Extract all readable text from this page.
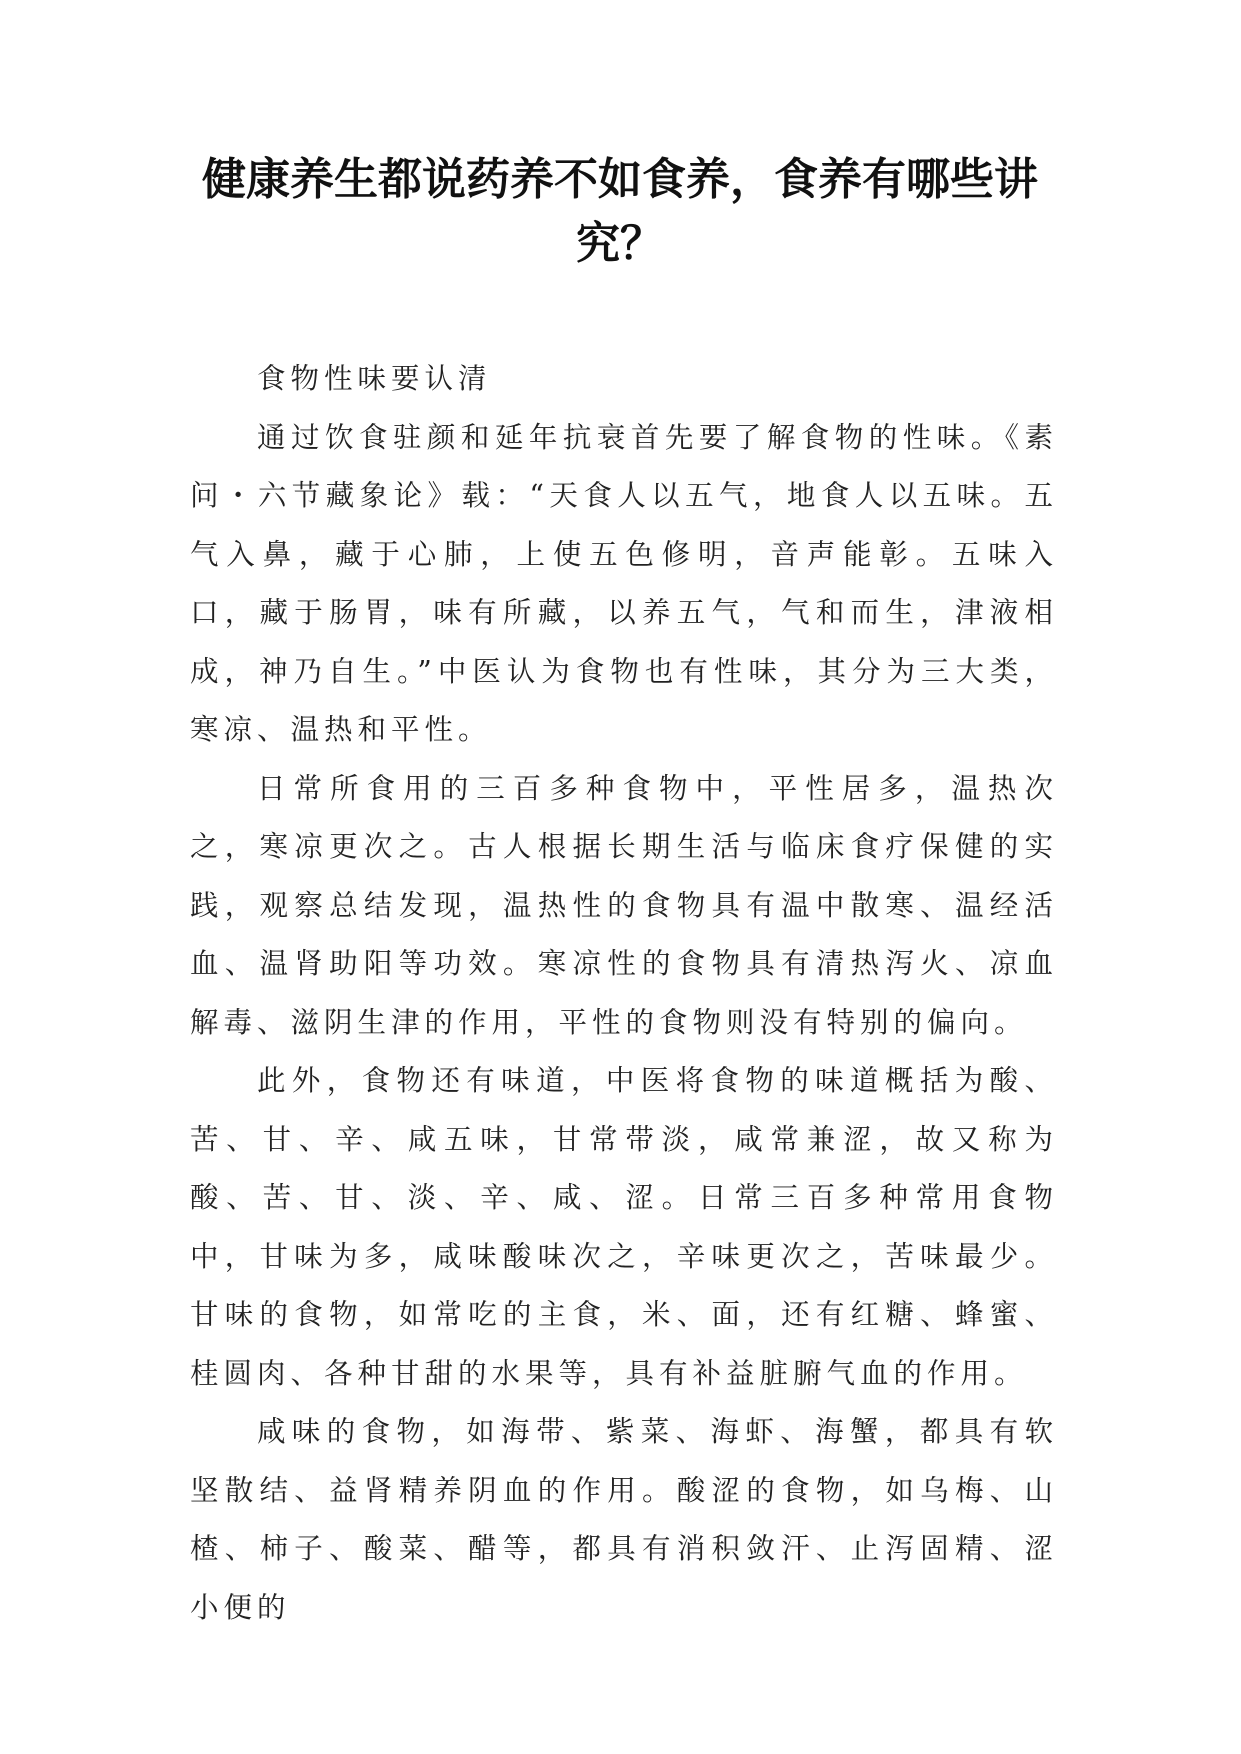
健康养生都说药养不如食养，食养有哪些讲究？

食物性味要认清

通过饮食驻颜和延年抗衰首先要了解食物的性味。《素问・六节藏象论》载：“天食人以五气，地食人以五味。五气入鼻，藏于心肺，上使五色修明，音声能彰。五味入口，藏于肠胃，味有所藏，以养五气，气和而生，津液相成，神乃自生。”中医认为食物也有性味，其分为三大类，寒凉、温热和平性。

日常所食用的三百多种食物中，平性居多，温热次之，寒凉更次之。古人根据长期生活与临床食疗保健的实践，观察总结发现，温热性的食物具有温中散寒、温经活血、温肾助阳等功效。寒凉性的食物具有清热泻火、凉血解毒、滋阴生津的作用，平性的食物则没有特别的偏向。

此外，食物还有味道，中医将食物的味道概括为酸、苦、甘、辛、咸五味，甘常带淡，咸常兼涩，故又称为酸、苦、甘、淡、辛、咸、涩。日常三百多种常用食物中，甘味为多，咸味酸味次之，辛味更次之，苦味最少。甘味的食物，如常吃的主食，米、面，还有红糖、蜂蜜、桂圆肉、各种甘甜的水果等，具有补益脏腑气血的作用。

咸味的食物，如海带、紫菜、海虾、海蟹，都具有软坚散结、益肾精养阴血的作用。酸涩的食物，如乌梅、山楂、柿子、酸菜、醋等，都具有消积敛汗、止泻固精、涩小便的
